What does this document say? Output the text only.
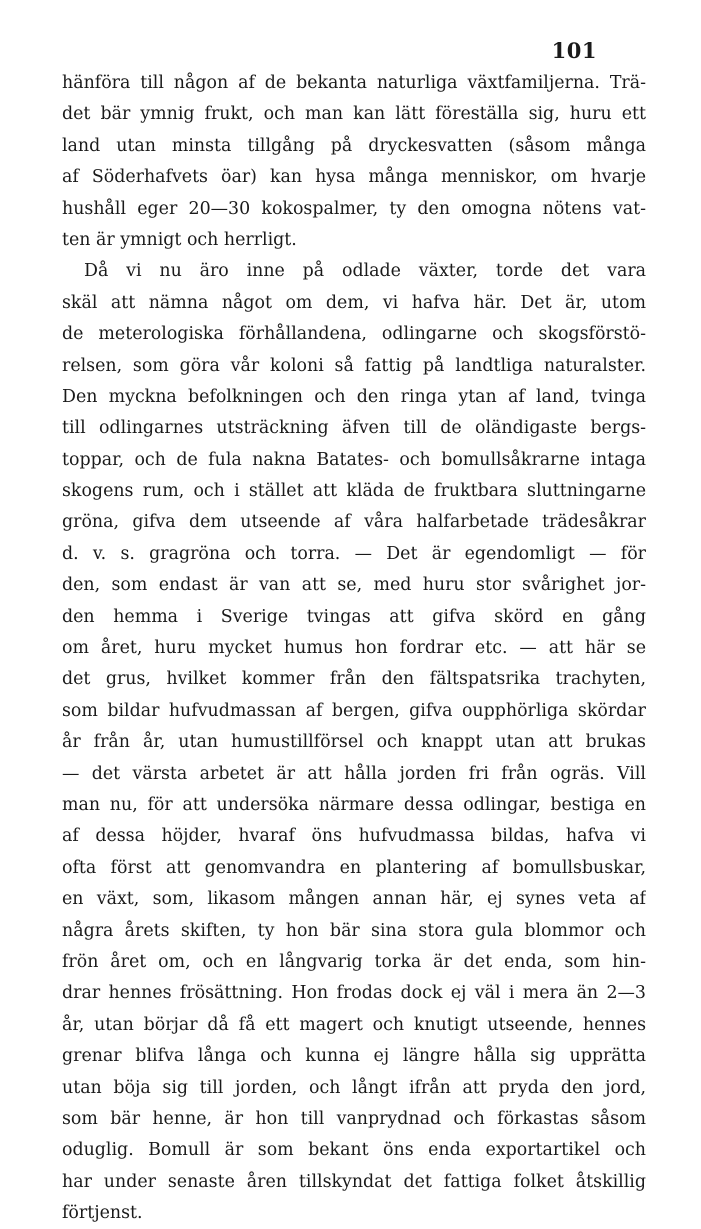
101
hänföra till någon af de bekanta naturliga växtfamiljerna. Trä-
det bär ymnig frukt, och man kan lätt föreställa sig, huru ett
land utan minsta tillgång på dryckesvatten (såsom många
af Söderhafvets öar) kan hysa många menniskor, om hvarje
hushåll eger 20—30 kokospalmer, ty den omogna nötens vat-
ten är ymnigt och herrligt.
Då vi nu äro inne på odlade växter, torde det vara
skäl att nämna något om dem, vi hafva här. Det är, utom
de meterologiska förhållandena, odlingarne och skogsförstö-
relsen, som göra vår koloni så fattig på landtliga naturalster.
Den myckna befolkningen och den ringa ytan af land, tvinga
till odlingarnes utsträckning äfven till de oländigaste bergs-
toppar, och de fula nakna Batates- och bomullsåkrarne intaga
skogens rum, och i stället att kläda de fruktbara sluttningarne
gröna, gifva dem utseende af våra halfarbetade trädesåkrar
d. v. s. gragröna och torra. — Det är egendomligt — för
den, som endast är van att se, med huru stor svårighet jor-
den hemma i Sverige tvingas att gifva skörd en gång
om året, huru mycket humus hon fordrar etc. — att här se
det grus, hvilket kommer från den fältspatsrika trachyten,
som bildar hufvudmassan af bergen, gifva oupphörliga skördar
år från år, utan humustillförsel och knappt utan att brukas
— det värsta arbetet är att hålla jorden fri från ogräs. Vill
man nu, för att undersöka närmare dessa odlingar, bestiga en
af dessa höjder, hvaraf öns hufvudmassa bildas, hafva vi
ofta först att genomvandra en plantering af bomullsbuskar,
en växt, som, likasom mången annan här, ej synes veta af
några årets skiften, ty hon bär sina stora gula blommor och
frön året om, och en långvarig torka är det enda, som hin-
drar hennes frösättning. Hon frodas dock ej väl i mera än 2—3
år, utan börjar då få ett magert och knutigt utseende, hennes
grenar blifva långa och kunna ej längre hålla sig upprätta
utan böja sig till jorden, och långt ifrån att pryda den jord,
som bär henne, är hon till vanprydnad och förkastas såsom
oduglig. Bomull är som bekant öns enda exportartikel och
har under senaste åren tillskyndat det fattiga folket åtskillig
förtjenst.
